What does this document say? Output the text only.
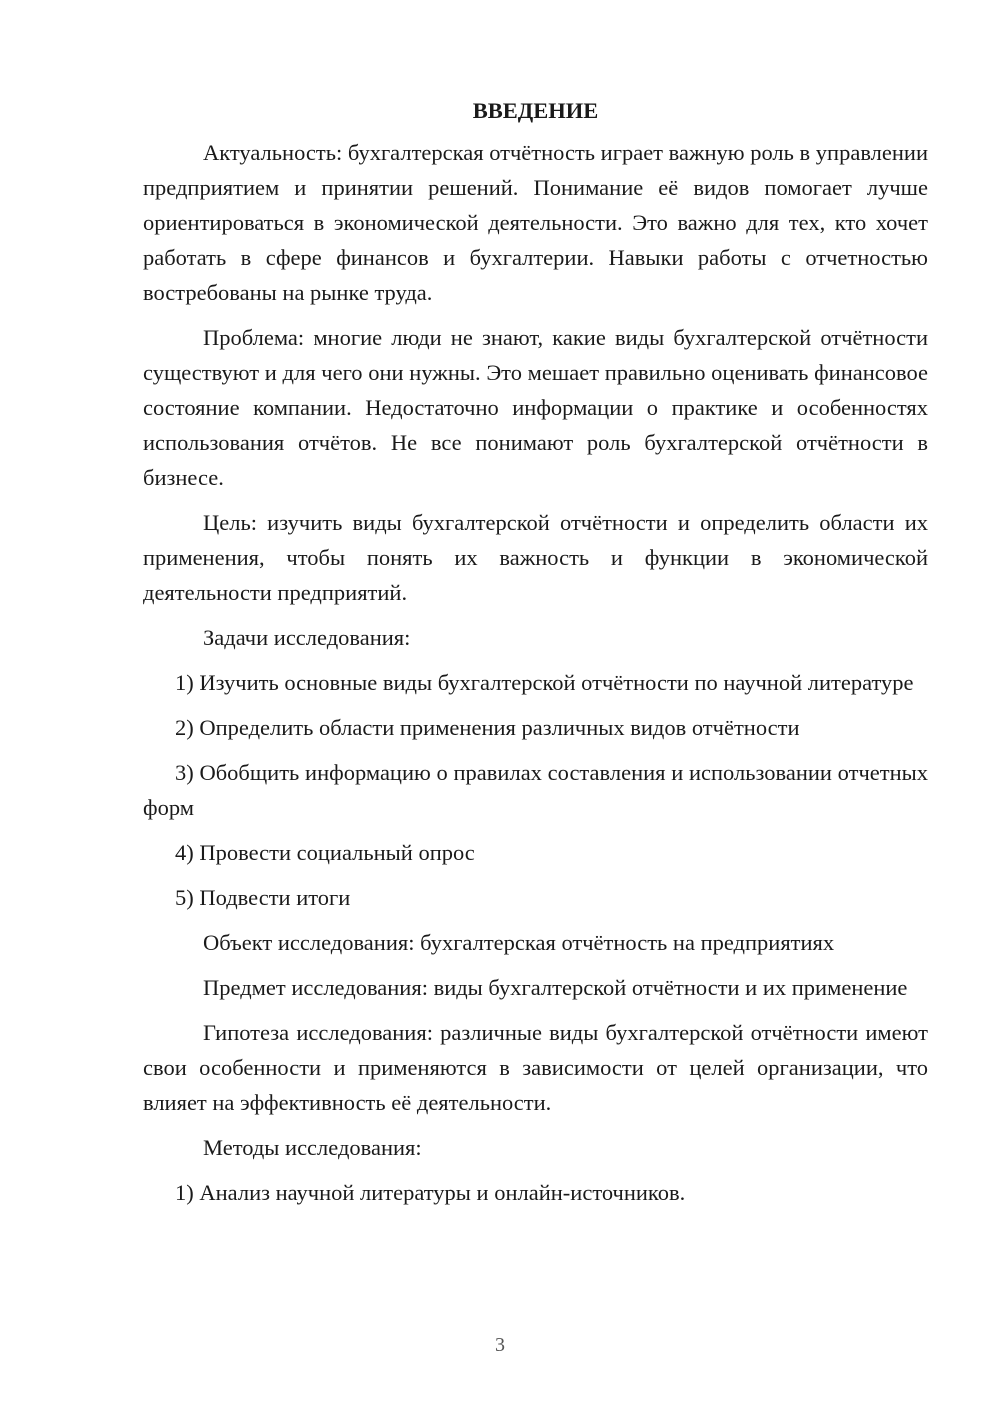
ВВЕДЕНИЕ
Актуальность: бухгалтерская отчётность играет важную роль в управлении предприятием и принятии решений. Понимание её видов помогает лучше ориентироваться в экономической деятельности. Это важно для тех, кто хочет работать в сфере финансов и бухгалтерии. Навыки работы с отчетностью востребованы на рынке труда.
Проблема: многие люди не знают, какие виды бухгалтерской отчётности существуют и для чего они нужны. Это мешает правильно оценивать финансовое состояние компании. Недостаточно информации о практике и особенностях использования отчётов. Не все понимают роль бухгалтерской отчётности в бизнесе.
Цель: изучить виды бухгалтерской отчётности и определить области их применения, чтобы понять их важность и функции в экономической деятельности предприятий.
Задачи исследования:
1) Изучить основные виды бухгалтерской отчётности по научной литературе
2) Определить области применения различных видов отчётности
3) Обобщить информацию о правилах составления и использовании отчетных форм
4) Провести социальный опрос
5) Подвести итоги
Объект исследования: бухгалтерская отчётность на предприятиях
Предмет исследования: виды бухгалтерской отчётности и их применение
Гипотеза исследования: различные виды бухгалтерской отчётности имеют свои особенности и применяются в зависимости от целей организации, что влияет на эффективность её деятельности.
Методы исследования:
1) Анализ научной литературы и онлайн-источников.
3
